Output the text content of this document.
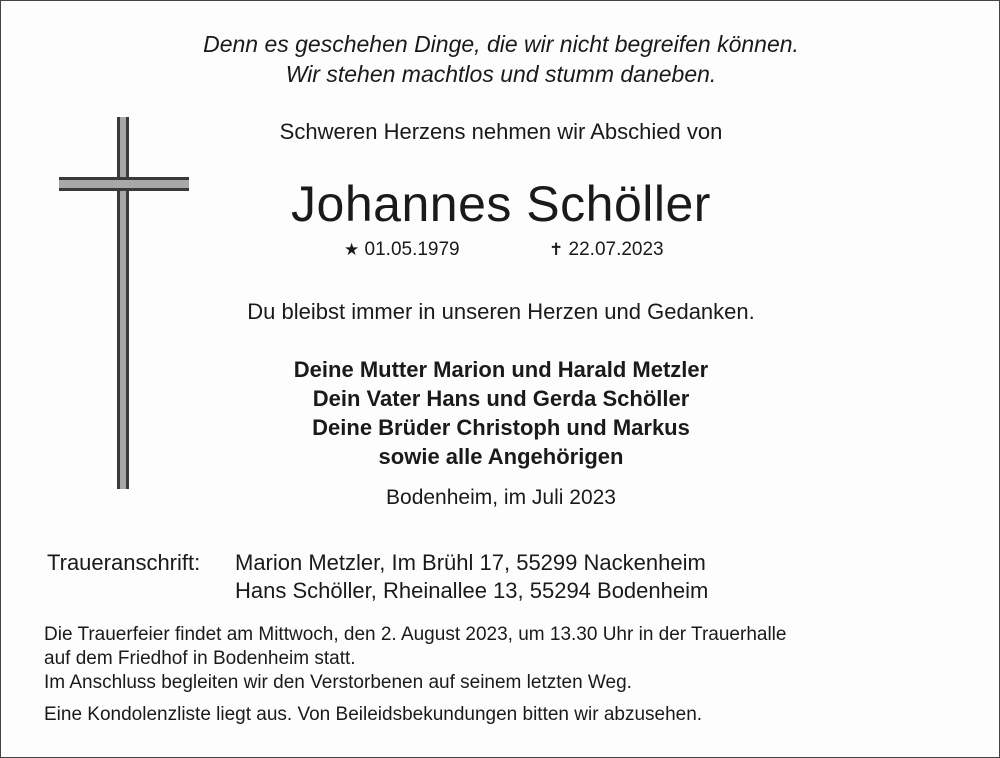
Denn es geschehen Dinge, die wir nicht begreifen können.
Wir stehen machtlos und stumm daneben.
Schweren Herzens nehmen wir Abschied von
Johannes Schöller
★ 01.05.1979	✝ 22.07.2023
Du bleibst immer in unseren Herzen und Gedanken.
Deine Mutter Marion und Harald Metzler
Dein Vater Hans und Gerda Schöller
Deine Brüder Christoph und Markus
sowie alle Angehörigen
Bodenheim, im Juli 2023
Traueranschrift: Marion Metzler, Im Brühl 17, 55299 Nackenheim
Hans Schöller, Rheinallee 13, 55294 Bodenheim
Die Trauerfeier findet am Mittwoch, den 2. August 2023, um 13.30 Uhr in der Trauerhalle
auf dem Friedhof in Bodenheim statt.
Im Anschluss begleiten wir den Verstorbenen auf seinem letzten Weg.
Eine Kondolenzliste liegt aus. Von Beileidsbekundungen bitten wir abzusehen.
